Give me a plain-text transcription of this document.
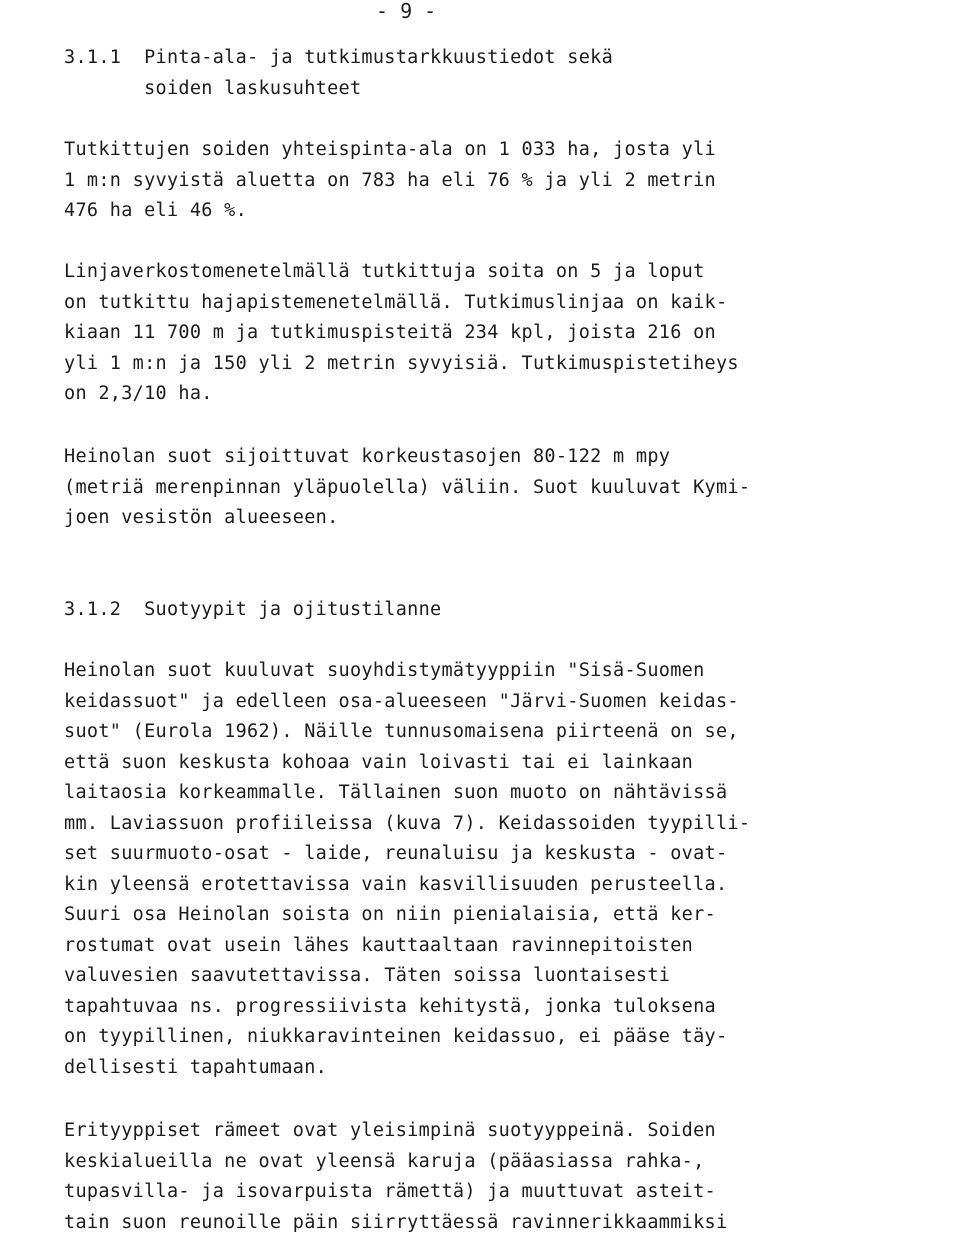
- 9 -
3.1.1  Pinta-ala- ja tutkimustarkkuustiedot sekä
soiden laskusuhteet
Tutkittujen soiden yhteispinta-ala on 1 033 ha, josta yli
1 m:n syvyistä aluetta on 783 ha eli 76 % ja yli 2 metrin
476 ha eli 46 %.
Linjaverkostomenetelmällä tutkittuja soita on 5 ja loput
on tutkittu hajapistemenetelmällä. Tutkimuslinjaa on kaik-
kiaan 11 700 m ja tutkimuspisteitä 234 kpl, joista 216 on
yli 1 m:n ja 150 yli 2 metrin syvyisiä. Tutkimuspistetiheys
on 2,3/10 ha.
Heinolan suot sijoittuvat korkeustasojen 80-122 m mpy
(metriä merenpinnan yläpuolella) väliin. Suot kuuluvat Kymi-
joen vesistön alueeseen.
3.1.2  Suotyypit ja ojitustilanne
Heinolan suot kuuluvat suoyhdistymätyyppiin "Sisä-Suomen
keidassuot" ja edelleen osa-alueeseen "Järvi-Suomen keidas-
suot" (Eurola 1962). Näille tunnusomaisena piirteenä on se,
että suon keskusta kohoaa vain loivasti tai ei lainkaan
laitaosia korkeammalle. Tällainen suon muoto on nähtävissä
mm. Laviassuon profiileissa (kuva 7). Keidassoiden tyypilli-
set suurmuoto-osat - laide, reunaluisu ja keskusta - ovat-
kin yleensä erotettavissa vain kasvillisuuden perusteella.
Suuri osa Heinolan soista on niin pienialaisia, että ker-
rostumat ovat usein lähes kauttaaltaan ravinnepitoisten
valuvesien saavutettavissa. Täten soissa luontaisesti
tapahtuvaa ns. progressiivista kehitystä, jonka tuloksena
on tyypillinen, niukkaravinteinen keidassuo, ei pääse täy-
dellisesti tapahtumaan.
Erityyppiset rämeet ovat yleisimpinä suotyyppeinä. Soiden
keskialueilla ne ovat yleensä karuja (pääasiassa rahka-,
tupasvilla- ja isovarpuista rämettä) ja muuttuvat asteit-
tain suon reunoille päin siirryttäessä ravinnerikkaammiksi
